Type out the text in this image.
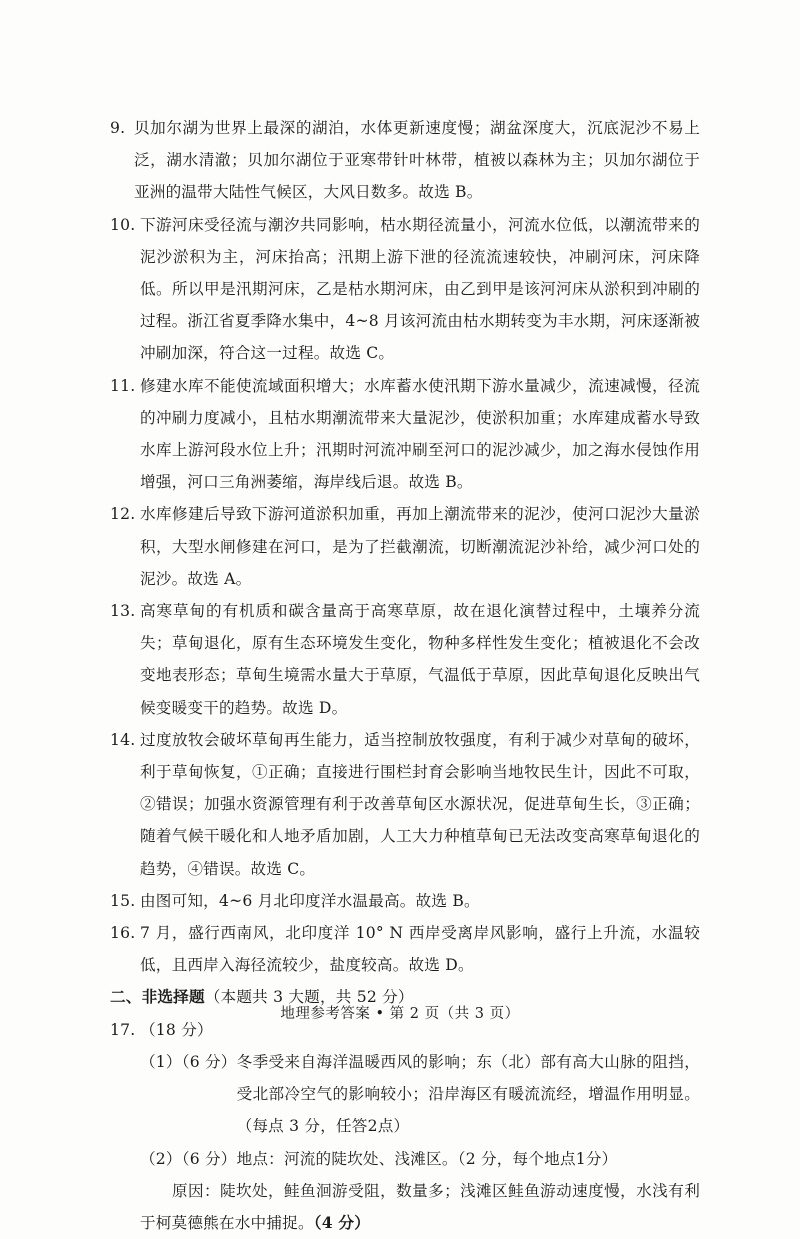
9. 贝加尔湖为世界上最深的湖泊，水体更新速度慢；湖盆深度大，沉底泥沙不易上泛，湖水清澈；贝加尔湖位于亚寒带针叶林带，植被以森林为主；贝加尔湖位于亚洲的温带大陆性气候区，大风日数多。故选 B。
10. 下游河床受径流与潮汐共同影响，枯水期径流量小，河流水位低，以潮流带来的泥沙淤积为主，河床抬高；汛期上游下泄的径流流速较快，冲刷河床，河床降低。所以甲是汛期河床，乙是枯水期河床，由乙到甲是该河河床从淤积到冲刷的过程。浙江省夏季降水集中，4~8 月该河流由枯水期转变为丰水期，河床逐渐被冲刷加深，符合这一过程。故选 C。
11. 修建水库不能使流域面积增大；水库蓄水使汛期下游水量减少，流速减慢，径流的冲刷力度减小，且枯水期潮流带来大量泥沙，使淤积加重；水库建成蓄水导致水库上游河段水位上升；汛期时河流冲刷至河口的泥沙减少，加之海水侵蚀作用增强，河口三角洲萎缩，海岸线后退。故选 B。
12. 水库修建后导致下游河道淤积加重，再加上潮流带来的泥沙，使河口泥沙大量淤积，大型水闸修建在河口，是为了拦截潮流，切断潮流泥沙补给，减少河口处的泥沙。故选 A。
13. 高寒草甸的有机质和碳含量高于高寒草原，故在退化演替过程中，土壤养分流失；草甸退化，原有生态环境发生变化，物种多样性发生变化；植被退化不会改变地表形态；草甸生境需水量大于草原，气温低于草原，因此草甸退化反映出气候变暖变干的趋势。故选 D。
14. 过度放牧会破坏草甸再生能力，适当控制放牧强度，有利于减少对草甸的破坏，利于草甸恢复，①正确；直接进行围栏封育会影响当地牧民生计，因此不可取，②错误；加强水资源管理有利于改善草甸区水源状况，促进草甸生长，③正确；随着气候干暖化和人地矛盾加剧，人工大力种植草甸已无法改变高寒草甸退化的趋势，④错误。故选 C。
15. 由图可知，4~6 月北印度洋水温最高。故选 B。
16. 7 月，盛行西南风，北印度洋 10° N 西岸受离岸风影响，盛行上升流，水温较低，且西岸入海径流较少，盐度较高。故选 D。
二、非选择题（本题共 3 大题，共 52 分）
17. （18 分）
（1）（6 分） 冬季受来自海洋温暖西风的影响；东（北）部有高大山脉的阻挡，受北部冷空气的影响较小；沿岸海区有暖流流经，增温作用明显。（每点 3 分，任答2点）
（2）（6 分） 地点：河流的陡坎处、浅滩区。（2 分，每个地点1分）
原因：陡坎处，鲑鱼洄游受阻，数量多；浅滩区鲑鱼游动速度慢，水浅有利于柯莫德熊在水中捕捉。（4 分）
地理参考答案 • 第 2 页（共 3 页）
